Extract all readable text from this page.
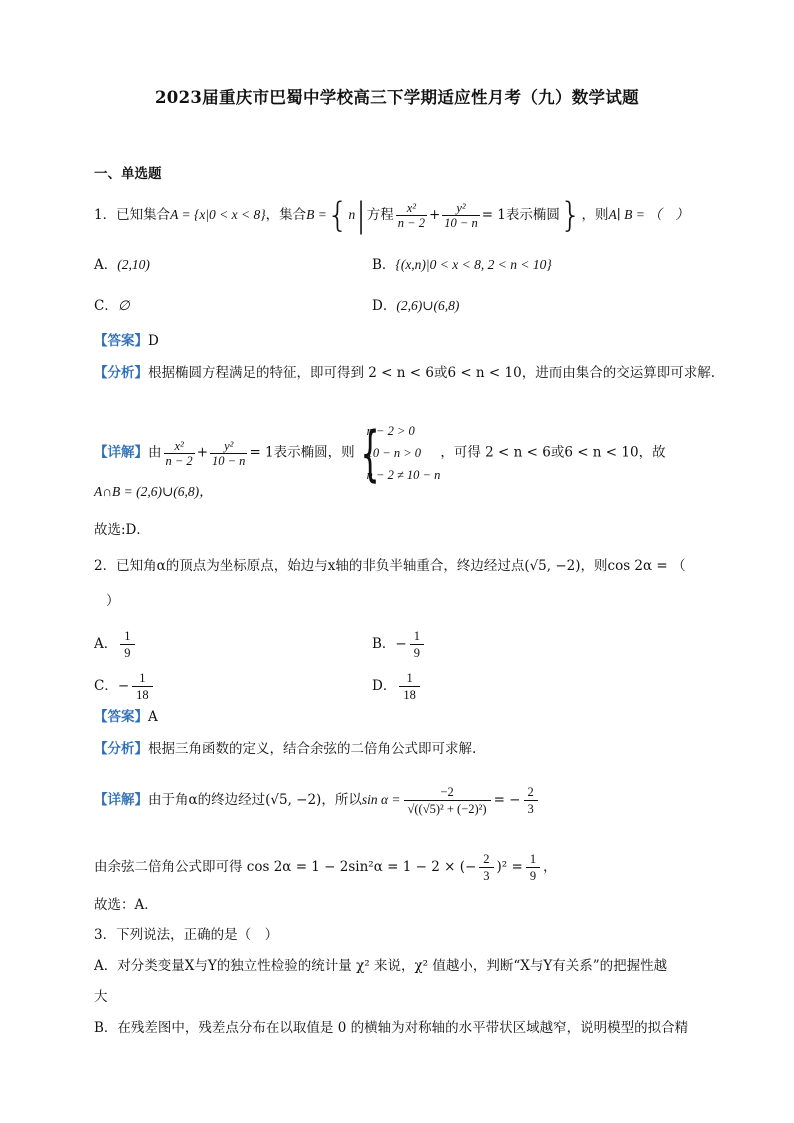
2023届重庆市巴蜀中学校高三下学期适应性月考（九）数学试题
一、单选题
1．已知集合A = {x|0 < x < 8}，集合B ={n|方程 $\frac{\text{x²}}{n - 2} + \frac{\text{y²}}{10 - n} = 1$表示椭圆}，则A∣ B = （　）
A．(2,10)	B．{(x,n)|0 < x < 8, 2 < n < 10}
C．∅	D．(2,6)∪(6,8)
【答案】D
【分析】根据椭圆方程满足的特征，即可得到 2 < n < 6或6 < n < 10，进而由集合的交运算即可求解.
【详解】由 $\frac{\text{x²}}{n - 2} + \frac{\text{y²}}{10 - n} = 1$表示椭圆，则
{ n − 2 > 0
10 − n > 0
n − 2 ≠ 10 − n
，可得 2 < n < 6或6 < n < 10，故
A∩B = (2,6)∪(6,8)，
故选:D．
2．已知角α的顶点为坐标原点，始边与x轴的非负半轴重合，终边经过点(√5, −2)，则cos 2α = （
）
A． $\frac{1}{9}$	B．− $\frac{1}{9}$
C．− $\frac{1}{18}$	D． $\frac{1}{18}$
【答案】A
【分析】根据三角函数的定义，结合余弦的二倍角公式即可求解.
【详解】由于角α的终边经过(√5, −2)，所以$\sin \alpha = \frac{-2}{\text{√((√5)² + (−2)²)}}$ = − $\frac{2}{3}$
由余弦二倍角公式即可得 cos 2α = 1 − 2sin²α = 1 − 2 × (− $\frac{2}{3} )^2 = \frac{1}{9}$ ，
故选：A．
3．下列说法，正确的是（　）
A．对分类变量X与Y的独立性检验的统计量 χ² 来说，χ² 值越小，判断“X与Y有关系”的把握性越
大
B．在残差图中，残差点分布在以取值是 0 的横轴为对称轴的水平带状区域越窄，说明模型的拟合精
